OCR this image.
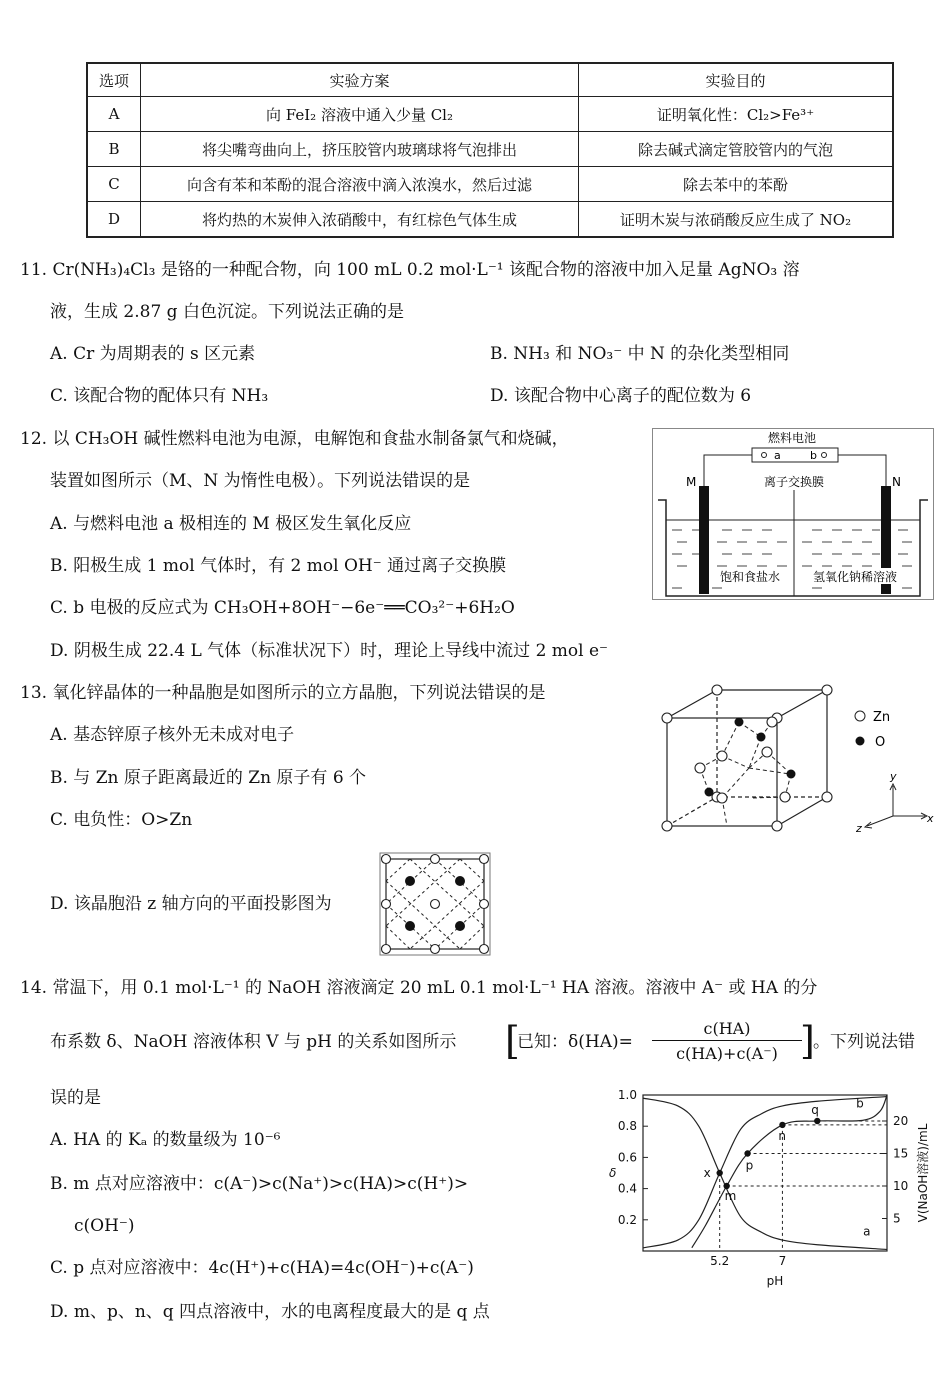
选项	实验方案	实验目的
A	向 FeI₂ 溶液中通入少量 Cl₂	证明氧化性：Cl₂>Fe³⁺
B	将尖嘴弯曲向上，挤压胶管内玻璃球将气泡排出	除去碱式滴定管胶管内的气泡
C	向含有苯和苯酚的混合溶液中滴入浓溴水，然后过滤	除去苯中的苯酚
D	将灼热的木炭伸入浓硝酸中，有红棕色气体生成	证明木炭与浓硝酸反应生成了 NO₂
11. Cr(NH₃)₄Cl₃ 是铬的一种配合物，向 100 mL 0.2 mol·L⁻¹ 该配合物的溶液中加入足量 AgNO₃ 溶
液，生成 2.87 g 白色沉淀。下列说法正确的是
A. Cr 为周期表的 s 区元素	B. NH₃ 和 NO₃⁻ 中 N 的杂化类型相同
C. 该配合物的配体只有 NH₃	D. 该配合物中心离子的配位数为 6
12. 以 CH₃OH 碱性燃料电池为电源，电解饱和食盐水制备氯气和烧碱，
装置如图所示（M、N 为惰性电极）。下列说法错误的是
A. 与燃料电池 a 极相连的 M 极区发生氧化反应
B. 阳极生成 1 mol 气体时，有 2 mol OH⁻ 通过离子交换膜
C. b 电极的反应式为 CH₃OH+8OH⁻−6e⁻══CO₃²⁻+6H₂O
D. 阴极生成 22.4 L 气体（标准状况下）时，理论上导线中流过 2 mol e⁻
燃料电池
a	b
M	N
离子交换膜
饱和食盐水	氢氧化钠稀溶液
13. 氧化锌晶体的一种晶胞是如图所示的立方晶胞，下列说法错误的是
A. 基态锌原子核外无未成对电子
B. 与 Zn 原子距离最近的 Zn 原子有 6 个
C. 电负性：O>Zn
D. 该晶胞沿 z 轴方向的平面投影图为
Zn
O
y
x
z
14. 常温下，用 0.1 mol·L⁻¹ 的 NaOH 溶液滴定 20 mL 0.1 mol·L⁻¹ HA 溶液。溶液中 A⁻ 或 HA 的分
布系数 δ、NaOH 溶液体积 V 与 pH 的关系如图所示 [
已知：δ(HA)=
c(HA)
c(HA)+c(A⁻) ]
。下列说法错
误的是
A. HA 的 Kₐ 的数量级为 10⁻⁶
B. m 点对应溶液中：c(A⁻)>c(Na⁺)>c(HA)>c(H⁺)>
c(OH⁻)
C. p 点对应溶液中：4c(H⁺)+c(HA)=4c(OH⁻)+c(A⁻)
D. m、p、n、q 四点溶液中，水的电离程度最大的是 q 点
0.2
0.4
0.6
0.8
1.0
5
10
15
20
5.2	7
pH
δ	V(NaOH溶液)/mL
a
b
x
m
p
n
q
